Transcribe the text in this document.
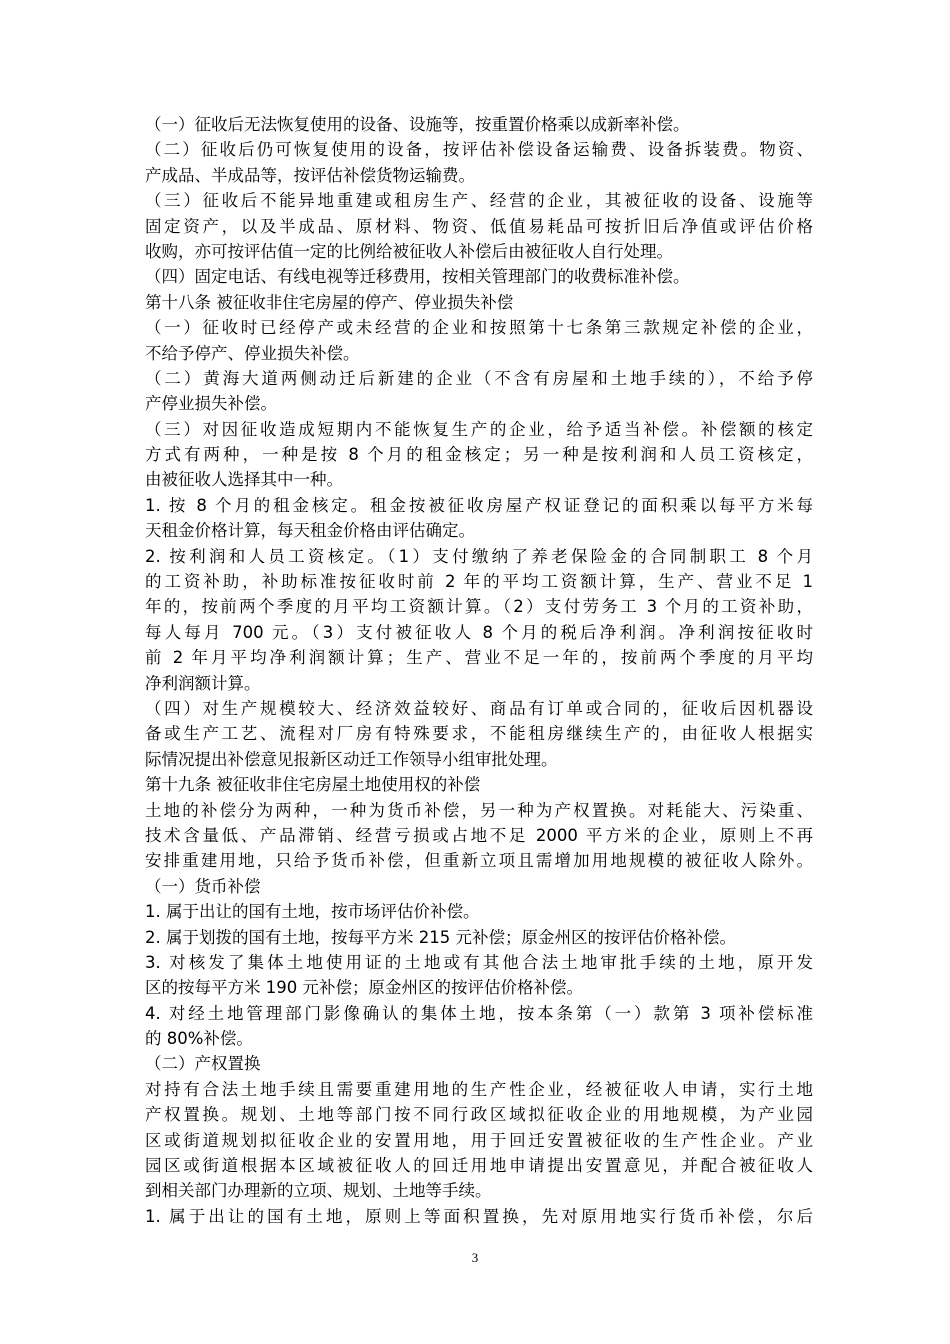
（一）征收后无法恢复使用的设备、设施等，按重置价格乘以成新率补偿。
（二）征收后仍可恢复使用的设备，按评估补偿设备运输费、设备拆装费。物资、
产成品、半成品等，按评估补偿货物运输费。
（三）征收后不能异地重建或租房生产、经营的企业，其被征收的设备、设施等
固定资产，以及半成品、原材料、物资、低值易耗品可按折旧后净值或评估价格
收购，亦可按评估值一定的比例给被征收人补偿后由被征收人自行处理。
（四）固定电话、有线电视等迁移费用，按相关管理部门的收费标准补偿。
第十八条 被征收非住宅房屋的停产、停业损失补偿
（一）征收时已经停产或未经营的企业和按照第十七条第三款规定补偿的企业，
不给予停产、停业损失补偿。
（二）黄海大道两侧动迁后新建的企业（不含有房屋和土地手续的），不给予停
产停业损失补偿。
（三）对因征收造成短期内不能恢复生产的企业，给予适当补偿。补偿额的核定
方式有两种，一种是按 8 个月的租金核定；另一种是按利润和人员工资核定，
由被征收人选择其中一种。
1. 按 8 个月的租金核定。租金按被征收房屋产权证登记的面积乘以每平方米每
天租金价格计算，每天租金价格由评估确定。
2. 按利润和人员工资核定。（1）支付缴纳了养老保险金的合同制职工 8 个月
的工资补助，补助标准按征收时前 2 年的平均工资额计算，生产、营业不足 1
年的，按前两个季度的月平均工资额计算。（2）支付劳务工 3 个月的工资补助，
每人每月 700 元。（3）支付被征收人 8 个月的税后净利润。净利润按征收时
前 2 年月平均净利润额计算；生产、营业不足一年的，按前两个季度的月平均
净利润额计算。
（四）对生产规模较大、经济效益较好、商品有订单或合同的，征收后因机器设
备或生产工艺、流程对厂房有特殊要求，不能租房继续生产的，由征收人根据实
际情况提出补偿意见报新区动迁工作领导小组审批处理。
第十九条 被征收非住宅房屋土地使用权的补偿
土地的补偿分为两种，一种为货币补偿，另一种为产权置换。对耗能大、污染重、
技术含量低、产品滞销、经营亏损或占地不足 2000 平方米的企业，原则上不再
安排重建用地，只给予货币补偿，但重新立项且需增加用地规模的被征收人除外。
（一）货币补偿
1. 属于出让的国有土地，按市场评估价补偿。
2. 属于划拨的国有土地，按每平方米 215 元补偿；原金州区的按评估价格补偿。
3. 对核发了集体土地使用证的土地或有其他合法土地审批手续的土地，原开发
区的按每平方米 190 元补偿；原金州区的按评估价格补偿。
4. 对经土地管理部门影像确认的集体土地，按本条第（一）款第 3 项补偿标准
的 80%补偿。
（二）产权置换
对持有合法土地手续且需要重建用地的生产性企业，经被征收人申请，实行土地
产权置换。规划、土地等部门按不同行政区域拟征收企业的用地规模，为产业园
区或街道规划拟征收企业的安置用地，用于回迁安置被征收的生产性企业。产业
园区或街道根据本区域被征收人的回迁用地申请提出安置意见，并配合被征收人
到相关部门办理新的立项、规划、土地等手续。
1. 属于出让的国有土地，原则上等面积置换，先对原用地实行货币补偿，尔后
3
